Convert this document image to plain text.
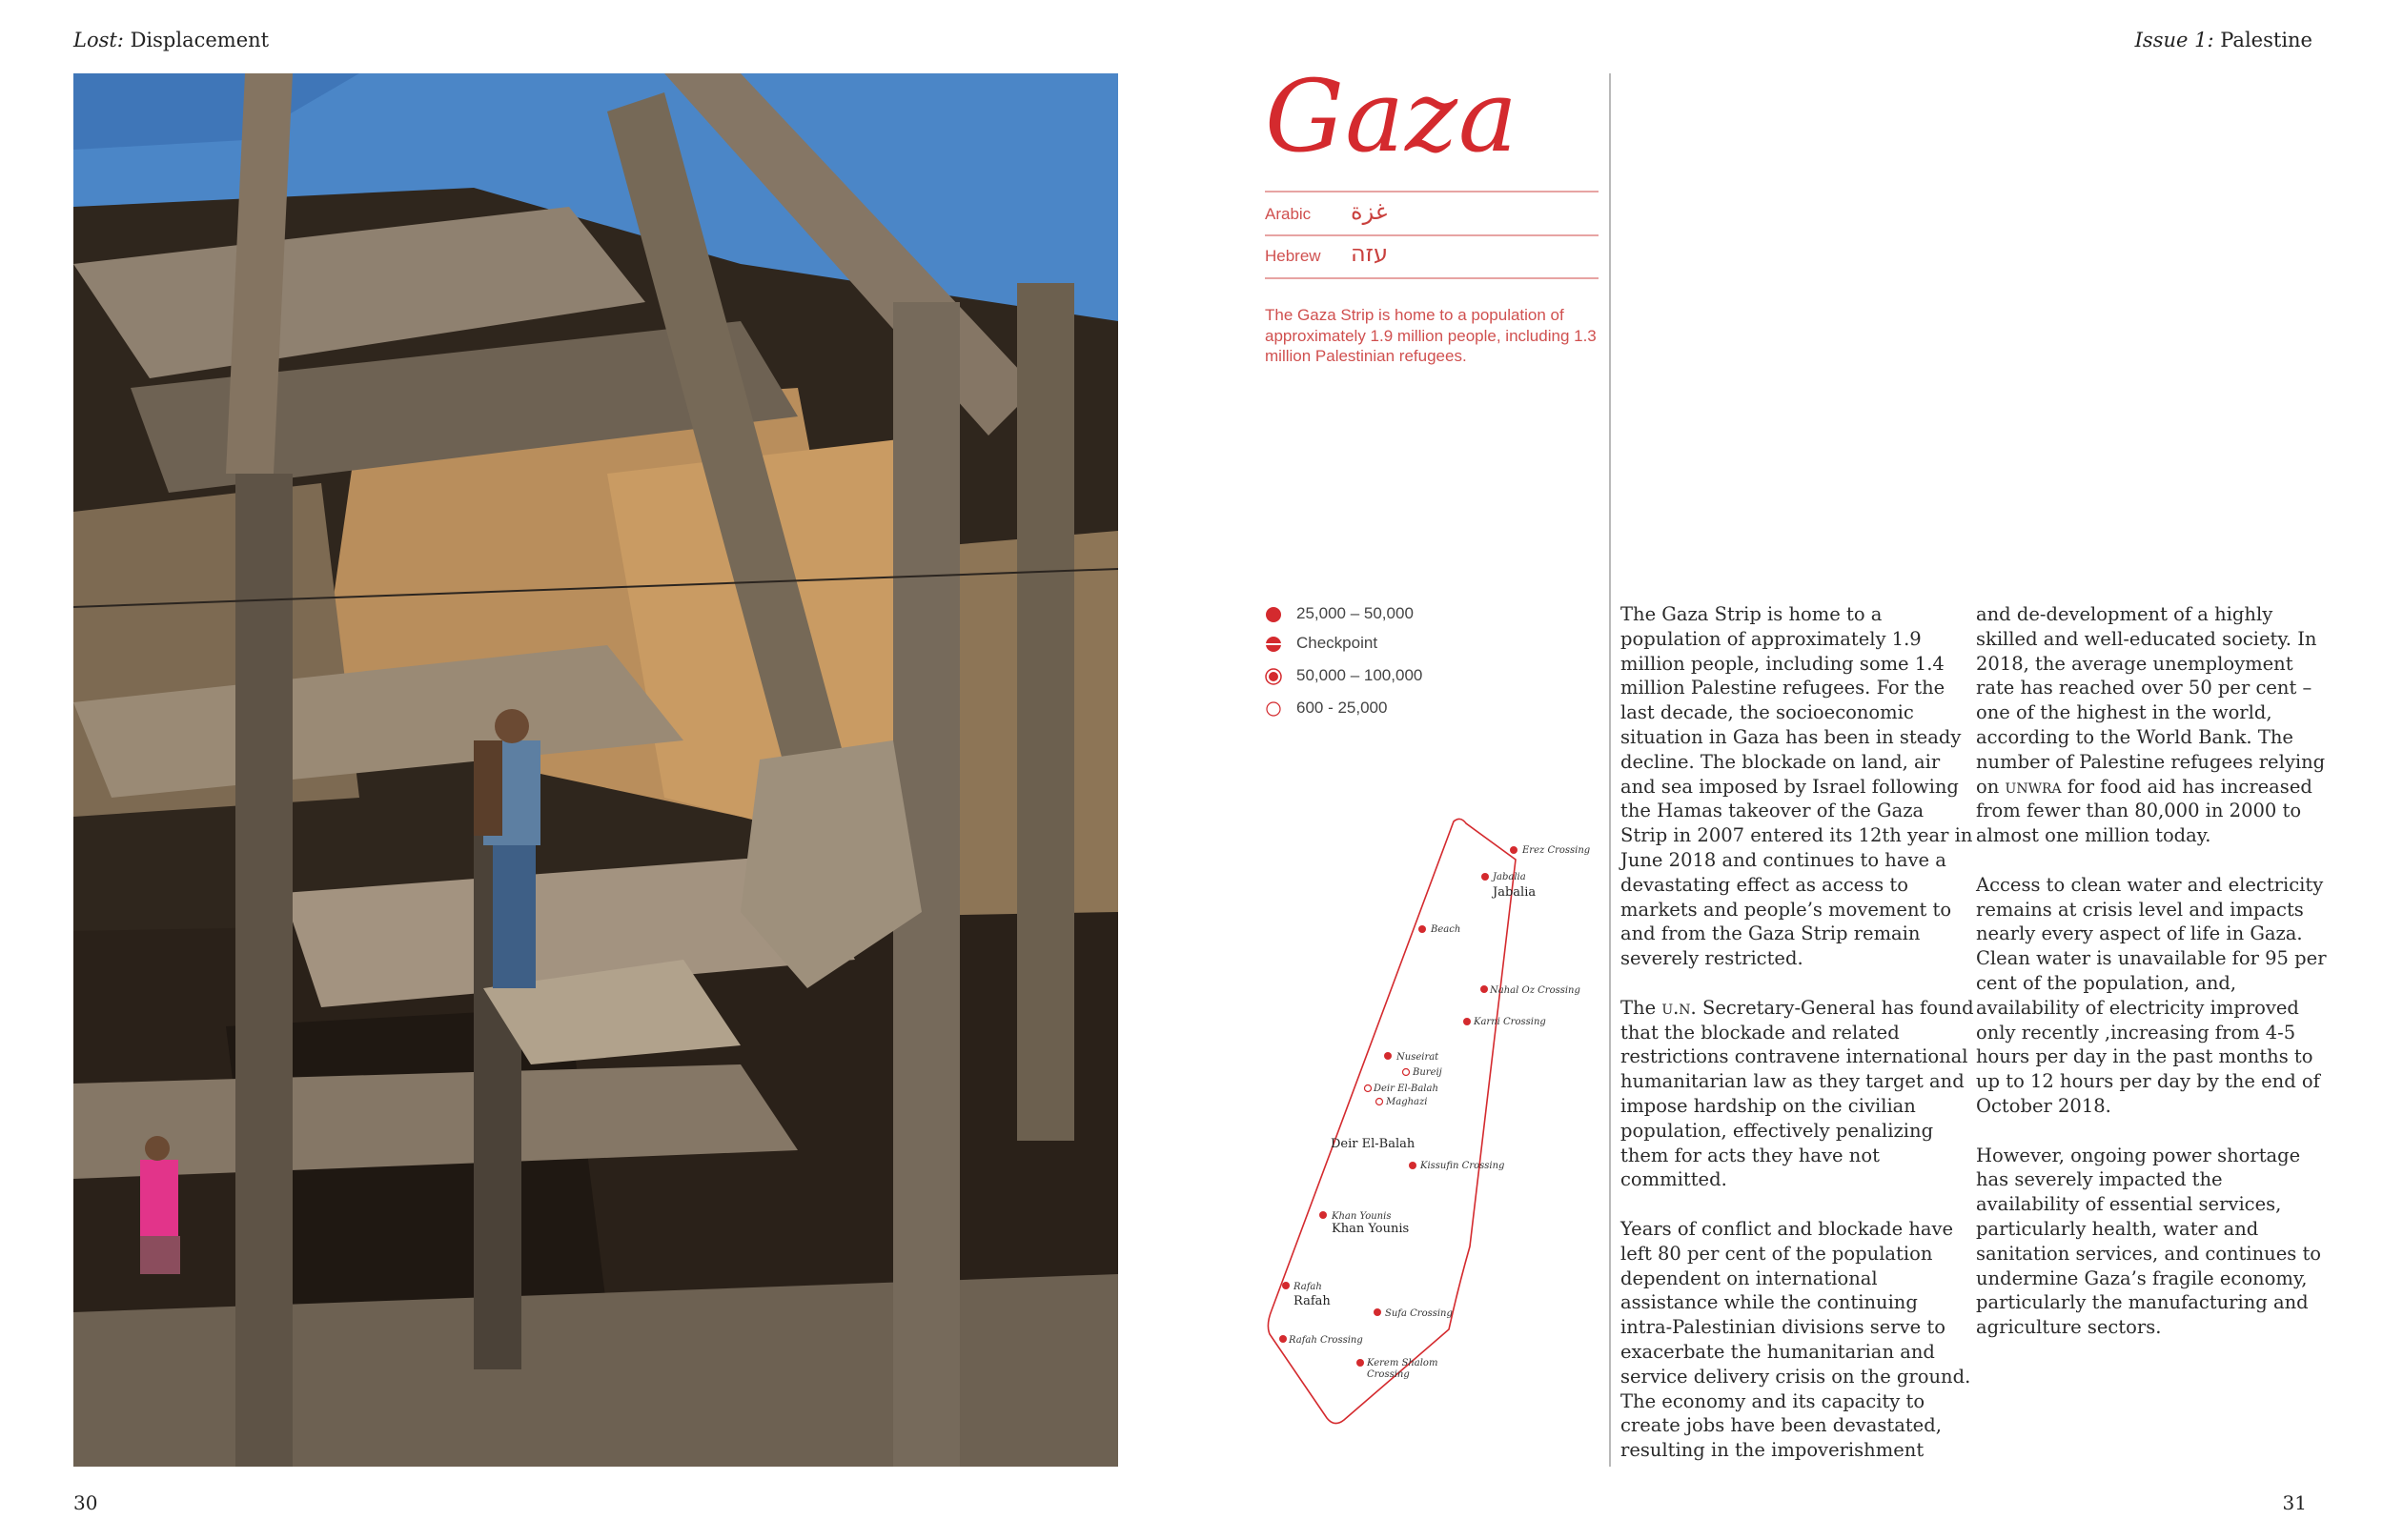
Lost: Displacement	Issue 1: Palestine
Gaza
Arabic غزة
Hebrew עזה
The Gaza Strip is home to a population of approximately 1.9 million people, including 1.3 million Palestinian refugees.
25,000 – 50,000
Checkpoint
50,000 – 100,000
600 - 25,000
Erez Crossing
Jabalia
Jabalia
Beach
Nahal Oz Crossing
Karni Crossing
Nuseirat
Bureij
Deir El-Balah
Maghazi
Deir El-Balah
Kissufin Crossing
Khan Younis
Khan Younis
Rafah
Rafah
Sufa Crossing
Rafah Crossing
Kerem Shalom
Crossing

The Gaza Strip is home to a population of approximately 1.9 million people, including some 1.4 million Palestine refugees. For the last decade, the socioeconomic situation in Gaza has been in steady decline. The blockade on land, air and sea imposed by Israel following the Hamas takeover of the Gaza Strip in 2007 entered its 12th year in June 2018 and continues to have a devastating effect as access to markets and people’s movement to and from the Gaza Strip remain severely restricted.

The u.n. Secretary-General has found that the blockade and related restrictions contravene international humanitarian law as they target and impose hardship on the civilian population, effectively penalizing them for acts they have not committed.

Years of conflict and blockade have left 80 per cent of the population dependent on international assistance while the continuing intra-Palestinian divisions serve to exacerbate the humanitarian and service delivery crisis on the ground. The economy and its capacity to create jobs have been devastated, resulting in the impoverishment

and de-development of a highly skilled and well-educated society. In 2018, the average unemployment rate has reached over 50 per cent – one of the highest in the world, according to the World Bank. The number of Palestine refugees relying on unwra for food aid has increased from fewer than 80,000 in 2000 to almost one million today.

Access to clean water and electricity remains at crisis level and impacts nearly every aspect of life in Gaza. Clean water is unavailable for 95 per cent of the population, and, availability of electricity improved only recently ,increasing from 4-5 hours per day in the past months to up to 12 hours per day by the end of October 2018.

However, ongoing power shortage has severely impacted the availability of essential services, particularly health, water and sanitation services, and continues to undermine Gaza’s fragile economy, particularly the manufacturing and agriculture sectors.

30	31
